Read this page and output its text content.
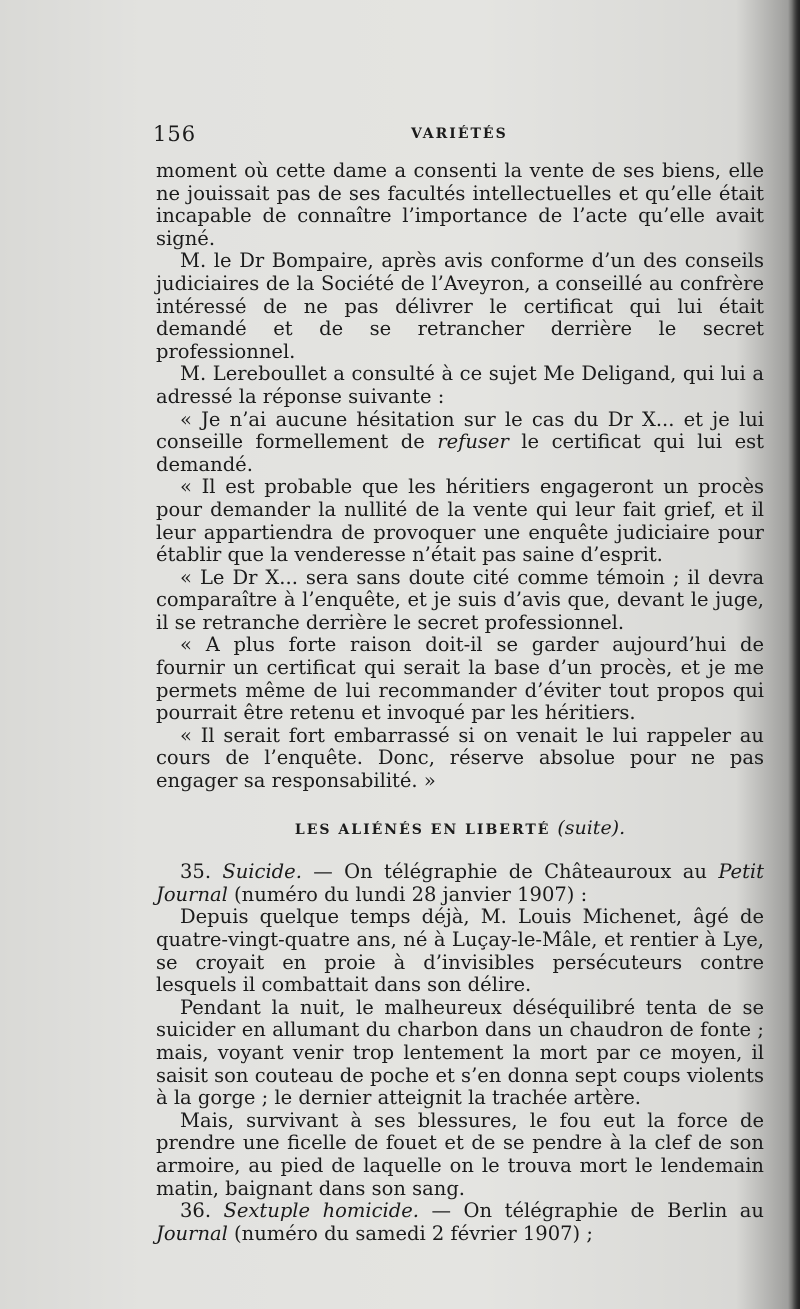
156	VARIÉTÉS

moment où cette dame a consenti la vente de ses biens, elle ne jouissait pas de ses facultés intellectuelles et qu’elle était incapable de connaître l’importance de l’acte qu’elle avait signé.

M. le Dr Bompaire, après avis conforme d’un des conseils judiciaires de la Société de l’Aveyron, a conseillé au confrère intéressé de ne pas délivrer le certificat qui lui était demandé et de se retrancher derrière le secret professionnel.

M. Lereboullet a consulté à ce sujet Me Deligand, qui lui a adressé la réponse suivante :

« Je n’ai aucune hésitation sur le cas du Dr X... et je lui conseille formellement de refuser le certificat qui lui est demandé.

« Il est probable que les héritiers engageront un procès pour demander la nullité de la vente qui leur fait grief, et il leur appartiendra de provoquer une enquête judiciaire pour établir que la venderesse n’était pas saine d’esprit.

« Le Dr X... sera sans doute cité comme témoin ; il devra comparaître à l’enquête, et je suis d’avis que, devant le juge, il se retranche derrière le secret professionnel.

« A plus forte raison doit-il se garder aujourd’hui de fournir un certificat qui serait la base d’un procès, et je me permets même de lui recommander d’éviter tout propos qui pourrait être retenu et invoqué par les héritiers.

« Il serait fort embarrassé si on venait le lui rappeler au cours de l’enquête. Donc, réserve absolue pour ne pas engager sa responsabilité. »

LES ALIÉNÉS EN LIBERTÉ (suite).

35. Suicide. — On télégraphie de Châteauroux au Petit Journal (numéro du lundi 28 janvier 1907) :

Depuis quelque temps déjà, M. Louis Michenet, âgé de quatre-vingt-quatre ans, né à Luçay-le-Mâle, et rentier à Lye, se croyait en proie à d’invisibles persécuteurs contre lesquels il combattait dans son délire.

Pendant la nuit, le malheureux déséquilibré tenta de se suicider en allumant du charbon dans un chaudron de fonte ; mais, voyant venir trop lentement la mort par ce moyen, il saisit son couteau de poche et s’en donna sept coups violents à la gorge ; le dernier atteignit la trachée artère.

Mais, survivant à ses blessures, le fou eut la force de prendre une ficelle de fouet et de se pendre à la clef de son armoire, au pied de laquelle on le trouva mort le lendemain matin, baignant dans son sang.

36. Sextuple homicide. — On télégraphie de Berlin au Journal (numéro du samedi 2 février 1907) ;
